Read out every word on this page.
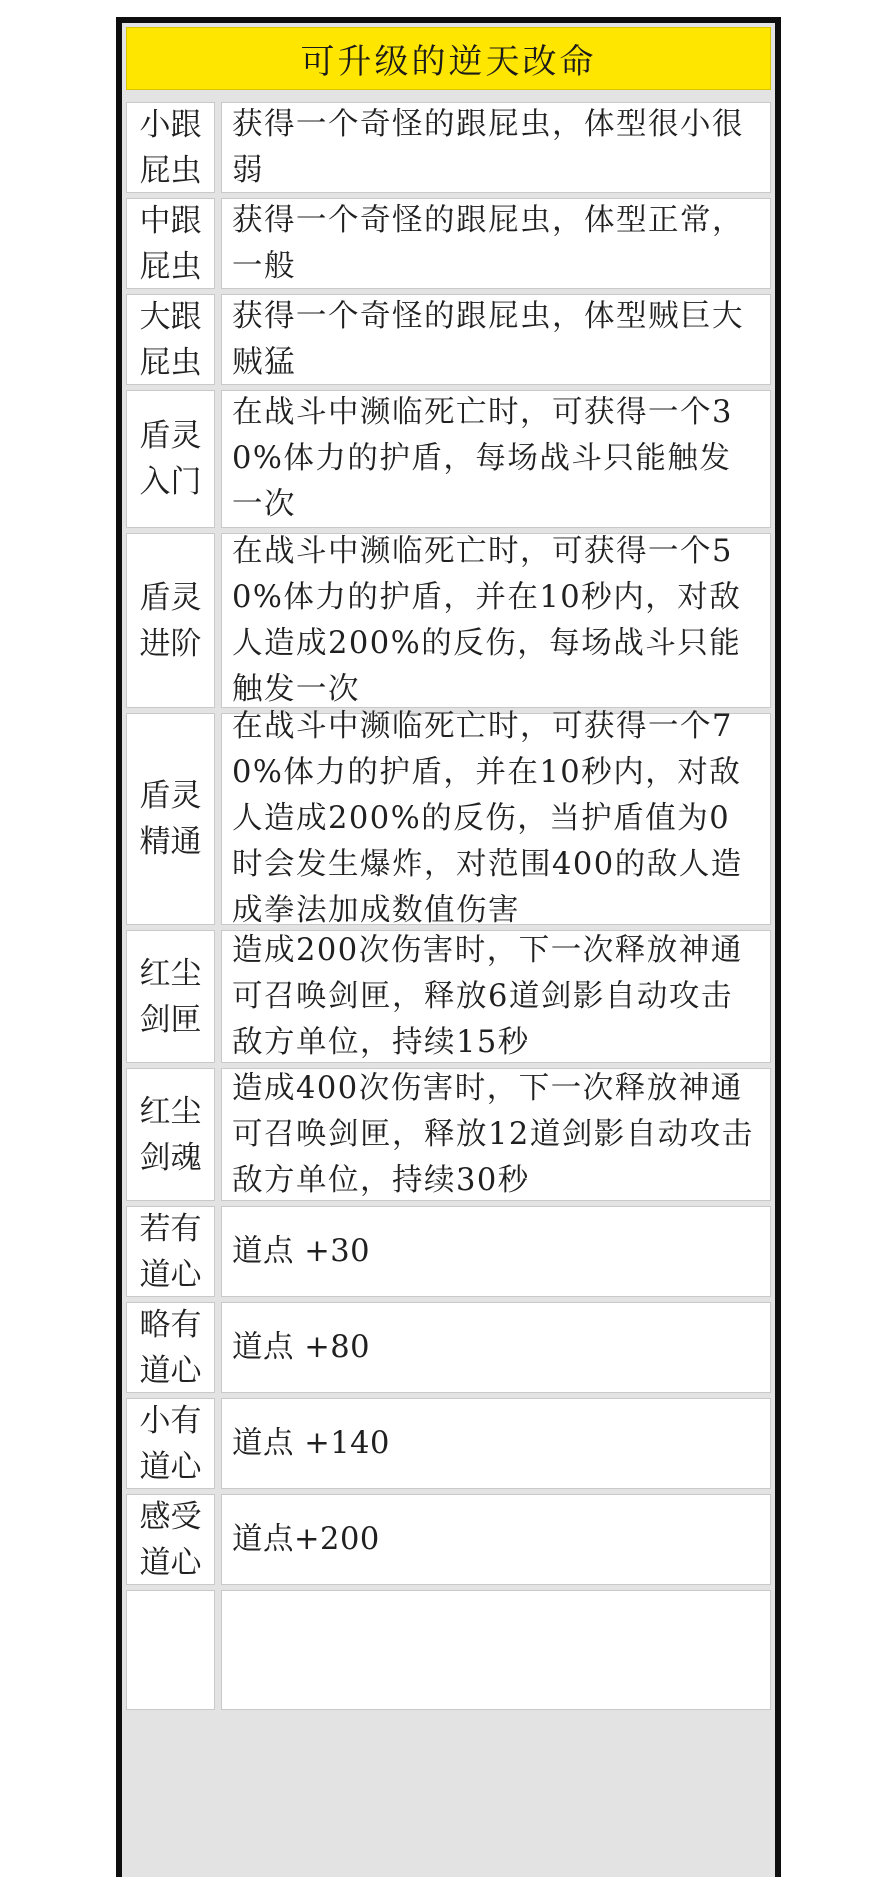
可升级的逆天改命
小跟屁虫
获得一个奇怪的跟屁虫，体型很小很弱
中跟屁虫
获得一个奇怪的跟屁虫，体型正常，一般
大跟屁虫
获得一个奇怪的跟屁虫，体型贼巨大贼猛
盾灵入门
在战斗中濒临死亡时，可获得一个30%体力的护盾，每场战斗只能触发一次
盾灵进阶
在战斗中濒临死亡时，可获得一个50%体力的护盾，并在10秒内，对敌人造成200%的反伤，每场战斗只能触发一次
盾灵精通
在战斗中濒临死亡时，可获得一个70%体力的护盾，并在10秒内，对敌人造成200%的反伤，当护盾值为0时会发生爆炸，对范围400的敌人造成拳法加成数值伤害
红尘剑匣
造成200次伤害时，下一次释放神通可召唤剑匣，释放6道剑影自动攻击敌方单位，持续15秒
红尘剑魂
造成400次伤害时，下一次释放神通可召唤剑匣，释放12道剑影自动攻击敌方单位，持续30秒
若有道心
道点 +30
略有道心
道点 +80
小有道心
道点 +140
感受道心
道点+200
